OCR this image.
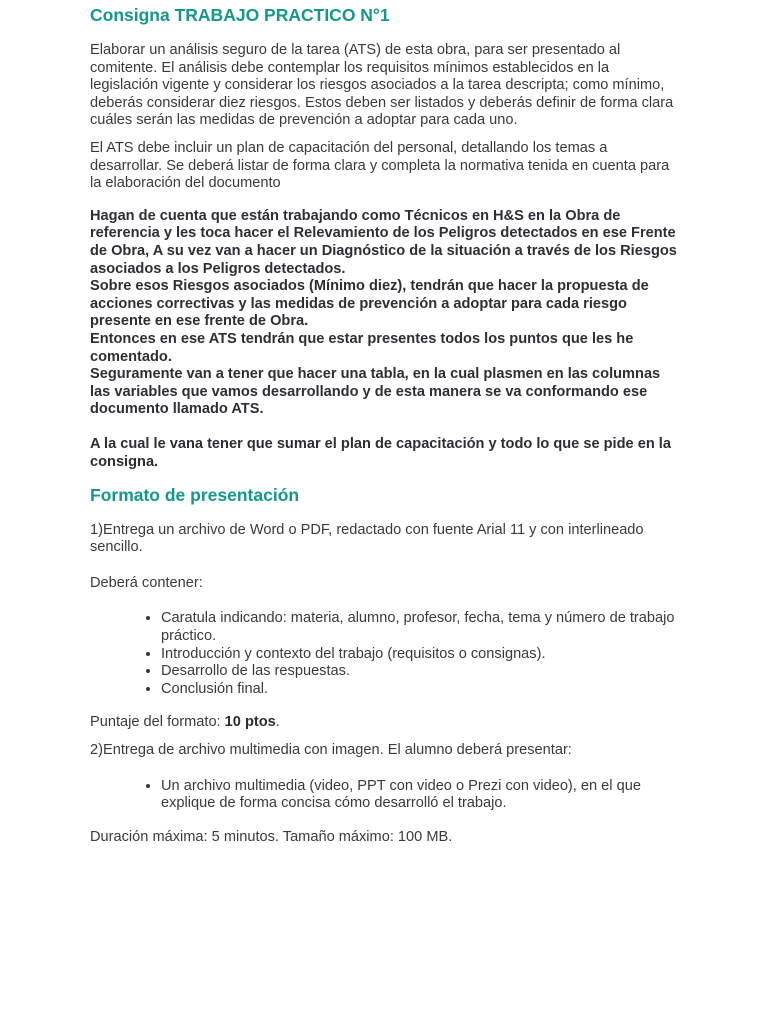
Consigna TRABAJO PRACTICO N°1

Elaborar un análisis seguro de la tarea (ATS) de esta obra, para ser presentado al comitente. El análisis debe contemplar los requisitos mínimos establecidos en la legislación vigente y considerar los riesgos asociados a la tarea descripta; como mínimo, deberás considerar diez riesgos. Estos deben ser listados y deberás definir de forma clara cuáles serán las medidas de prevención a adoptar para cada uno.

El ATS debe incluir un plan de capacitación del personal, detallando los temas a desarrollar. Se deberá listar de forma clara y completa la normativa tenida en cuenta para la elaboración del documento

Hagan de cuenta que están trabajando como Técnicos en H&S en la Obra de referencia y les toca hacer el Relevamiento de los Peligros detectados en ese Frente de Obra, A su vez van a hacer un Diagnóstico de la situación a través de los Riesgos asociados a los Peligros detectados.

Sobre esos Riesgos asociados (Mínimo diez), tendrán que hacer la propuesta de acciones correctivas y las medidas de prevención a adoptar para cada riesgo presente en ese frente de Obra.

Entonces en ese ATS tendrán que estar presentes todos los puntos que les he comentado.

Seguramente van a tener que hacer una tabla, en la cual plasmen en las columnas las variables que vamos desarrollando y de esta manera se va conformando ese documento llamado ATS.

A la cual le vana tener que sumar el plan de capacitación y todo lo que se pide en la consigna.

Formato de presentación

1)Entrega un archivo de Word o PDF, redactado con fuente Arial 11 y con interlineado sencillo.

Deberá contener:

• Caratula indicando: materia, alumno, profesor, fecha, tema y número de trabajo práctico.
• Introducción y contexto del trabajo (requisitos o consignas).
• Desarrollo de las respuestas.
• Conclusión final.

Puntaje del formato: 10 ptos.

2)Entrega de archivo multimedia con imagen. El alumno deberá presentar:

• Un archivo multimedia (video, PPT con video o Prezi con video), en el que explique de forma concisa cómo desarrolló el trabajo.

Duración máxima: 5 minutos. Tamaño máximo: 100 MB.
